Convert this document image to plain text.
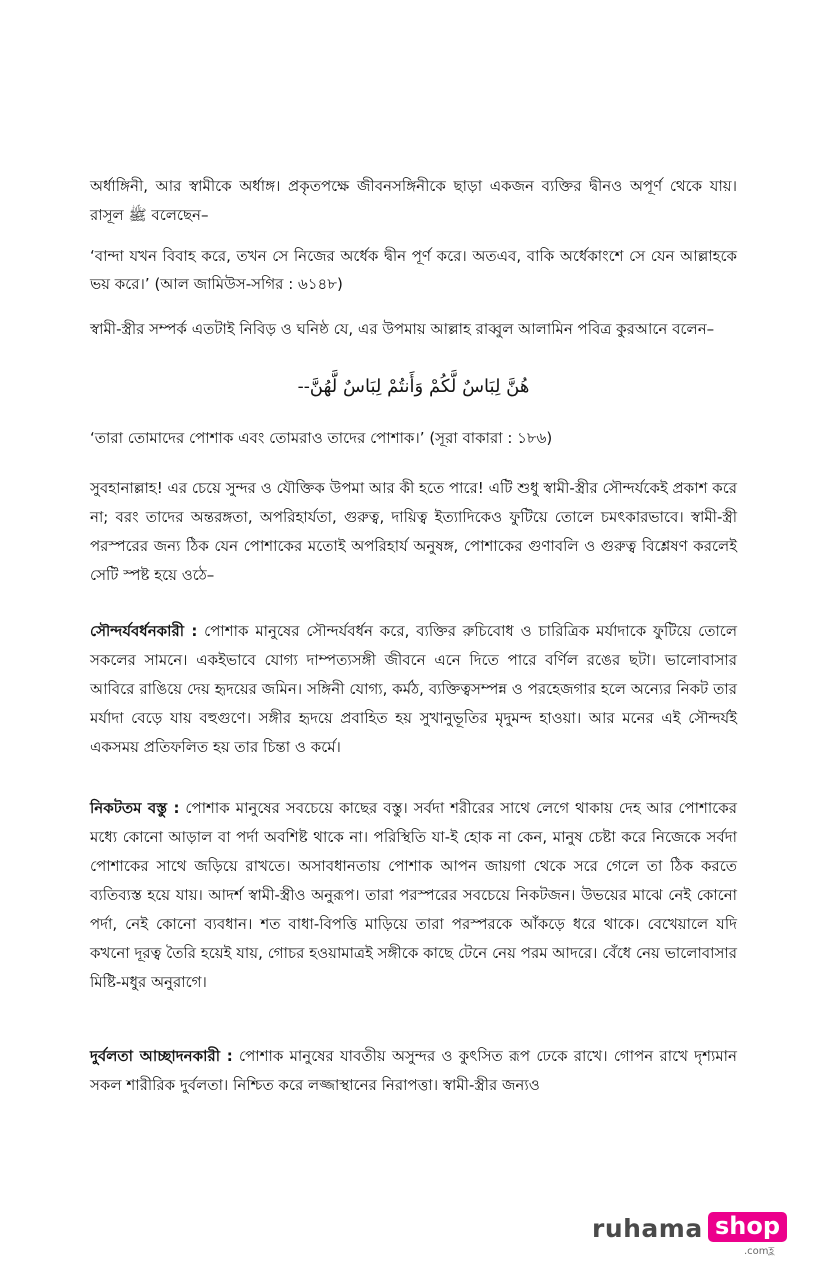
অর্ধাঙ্গিনী, আর স্বামীকে অর্ধাঙ্গ। প্রকৃতপক্ষে জীবনসঙ্গিনীকে ছাড়া একজন ব্যক্তির দ্বীনও অপূর্ণ থেকে যায়। রাসূল ﷺ বলেছেন–

‘বান্দা যখন বিবাহ করে, তখন সে নিজের অর্ধেক দ্বীন পূর্ণ করে। অতএব, বাকি অর্ধেকাংশে সে যেন আল্লাহকে ভয় করে।’ (আল জামিউস-সগির : ৬১৪৮)

স্বামী-স্ত্রীর সম্পর্ক এতটাই নিবিড় ও ঘনিষ্ঠ যে, এর উপমায় আল্লাহ রাব্বুল আলামিন পবিত্র কুরআনে বলেন–

هُنَّ لِبَاسٌ لَّكُمْ وَأَنتُمْ لِبَاسٌ لَّهُنَّ--

‘তারা তোমাদের পোশাক এবং তোমরাও তাদের পোশাক।’ (সূরা বাকারা : ১৮৬)

সুবহানাল্লাহ! এর চেয়ে সুন্দর ও যৌক্তিক উপমা আর কী হতে পারে! এটি শুধু স্বামী-স্ত্রীর সৌন্দর্যকেই প্রকাশ করে না; বরং তাদের অন্তরঙ্গতা, অপরিহার্যতা, গুরুত্ব, দায়িত্ব ইত্যাদিকেও ফুটিয়ে তোলে চমৎকারভাবে। স্বামী-স্ত্রী পরস্পরের জন্য ঠিক যেন পোশাকের মতোই অপরিহার্য অনুষঙ্গ, পোশাকের গুণাবলি ও গুরুত্ব বিশ্লেষণ করলেই সেটি স্পষ্ট হয়ে ওঠে–

সৌন্দর্যবর্ধনকারী : পোশাক মানুষের সৌন্দর্যবর্ধন করে, ব্যক্তির রুচিবোধ ও চারিত্রিক মর্যাদাকে ফুটিয়ে তোলে সকলের সামনে। একইভাবে যোগ্য দাম্পত্যসঙ্গী জীবনে এনে দিতে পারে বর্ণিল রঙের ছটা। ভালোবাসার আবিরে রাঙিয়ে দেয় হৃদয়ের জমিন। সঙ্গিনী যোগ্য, কর্মঠ, ব্যক্তিত্বসম্পন্ন ও পরহেজগার হলে অন্যের নিকট তার মর্যাদা বেড়ে যায় বহুগুণে। সঙ্গীর হৃদয়ে প্রবাহিত হয় সুখানুভূতির মৃদুমন্দ হাওয়া। আর মনের এই সৌন্দর্যই একসময় প্রতিফলিত হয় তার চিন্তা ও কর্মে।

নিকটতম বস্তু : পোশাক মানুষের সবচেয়ে কাছের বস্তু। সর্বদা শরীরের সাথে লেগে থাকায় দেহ আর পোশাকের মধ্যে কোনো আড়াল বা পর্দা অবশিষ্ট থাকে না। পরিস্থিতি যা-ই হোক না কেন, মানুষ চেষ্টা করে নিজেকে সর্বদা পোশাকের সাথে জড়িয়ে রাখতে। অসাবধানতায় পোশাক আপন জায়গা থেকে সরে গেলে তা ঠিক করতে ব্যতিব্যস্ত হয়ে যায়। আদর্শ স্বামী-স্ত্রীও অনুরূপ। তারা পরস্পরের সবচেয়ে নিকটজন। উভয়ের মাঝে নেই কোনো পর্দা, নেই কোনো ব্যবধান। শত বাধা-বিপত্তি মাড়িয়ে তারা পরস্পরকে আঁকড়ে ধরে থাকে। বেখেয়ালে যদি কখনো দূরত্ব তৈরি হয়েই যায়, গোচর হওয়ামাত্রই সঙ্গীকে কাছে টেনে নেয় পরম আদরে। বেঁধে নেয় ভালোবাসার মিষ্টি-মধুর অনুরাগে।

দুর্বলতা আচ্ছাদনকারী : পোশাক মানুষের যাবতীয় অসুন্দর ও কুৎসিত রূপ ঢেকে রাখে। গোপন রাখে দৃশ্যমান সকল শারীরিক দুর্বলতা। নিশ্চিত করে লজ্জাস্থানের নিরাপত্তা। স্বামী-স্ত্রীর জন্যও

ruhama shop
.comহ্ল
